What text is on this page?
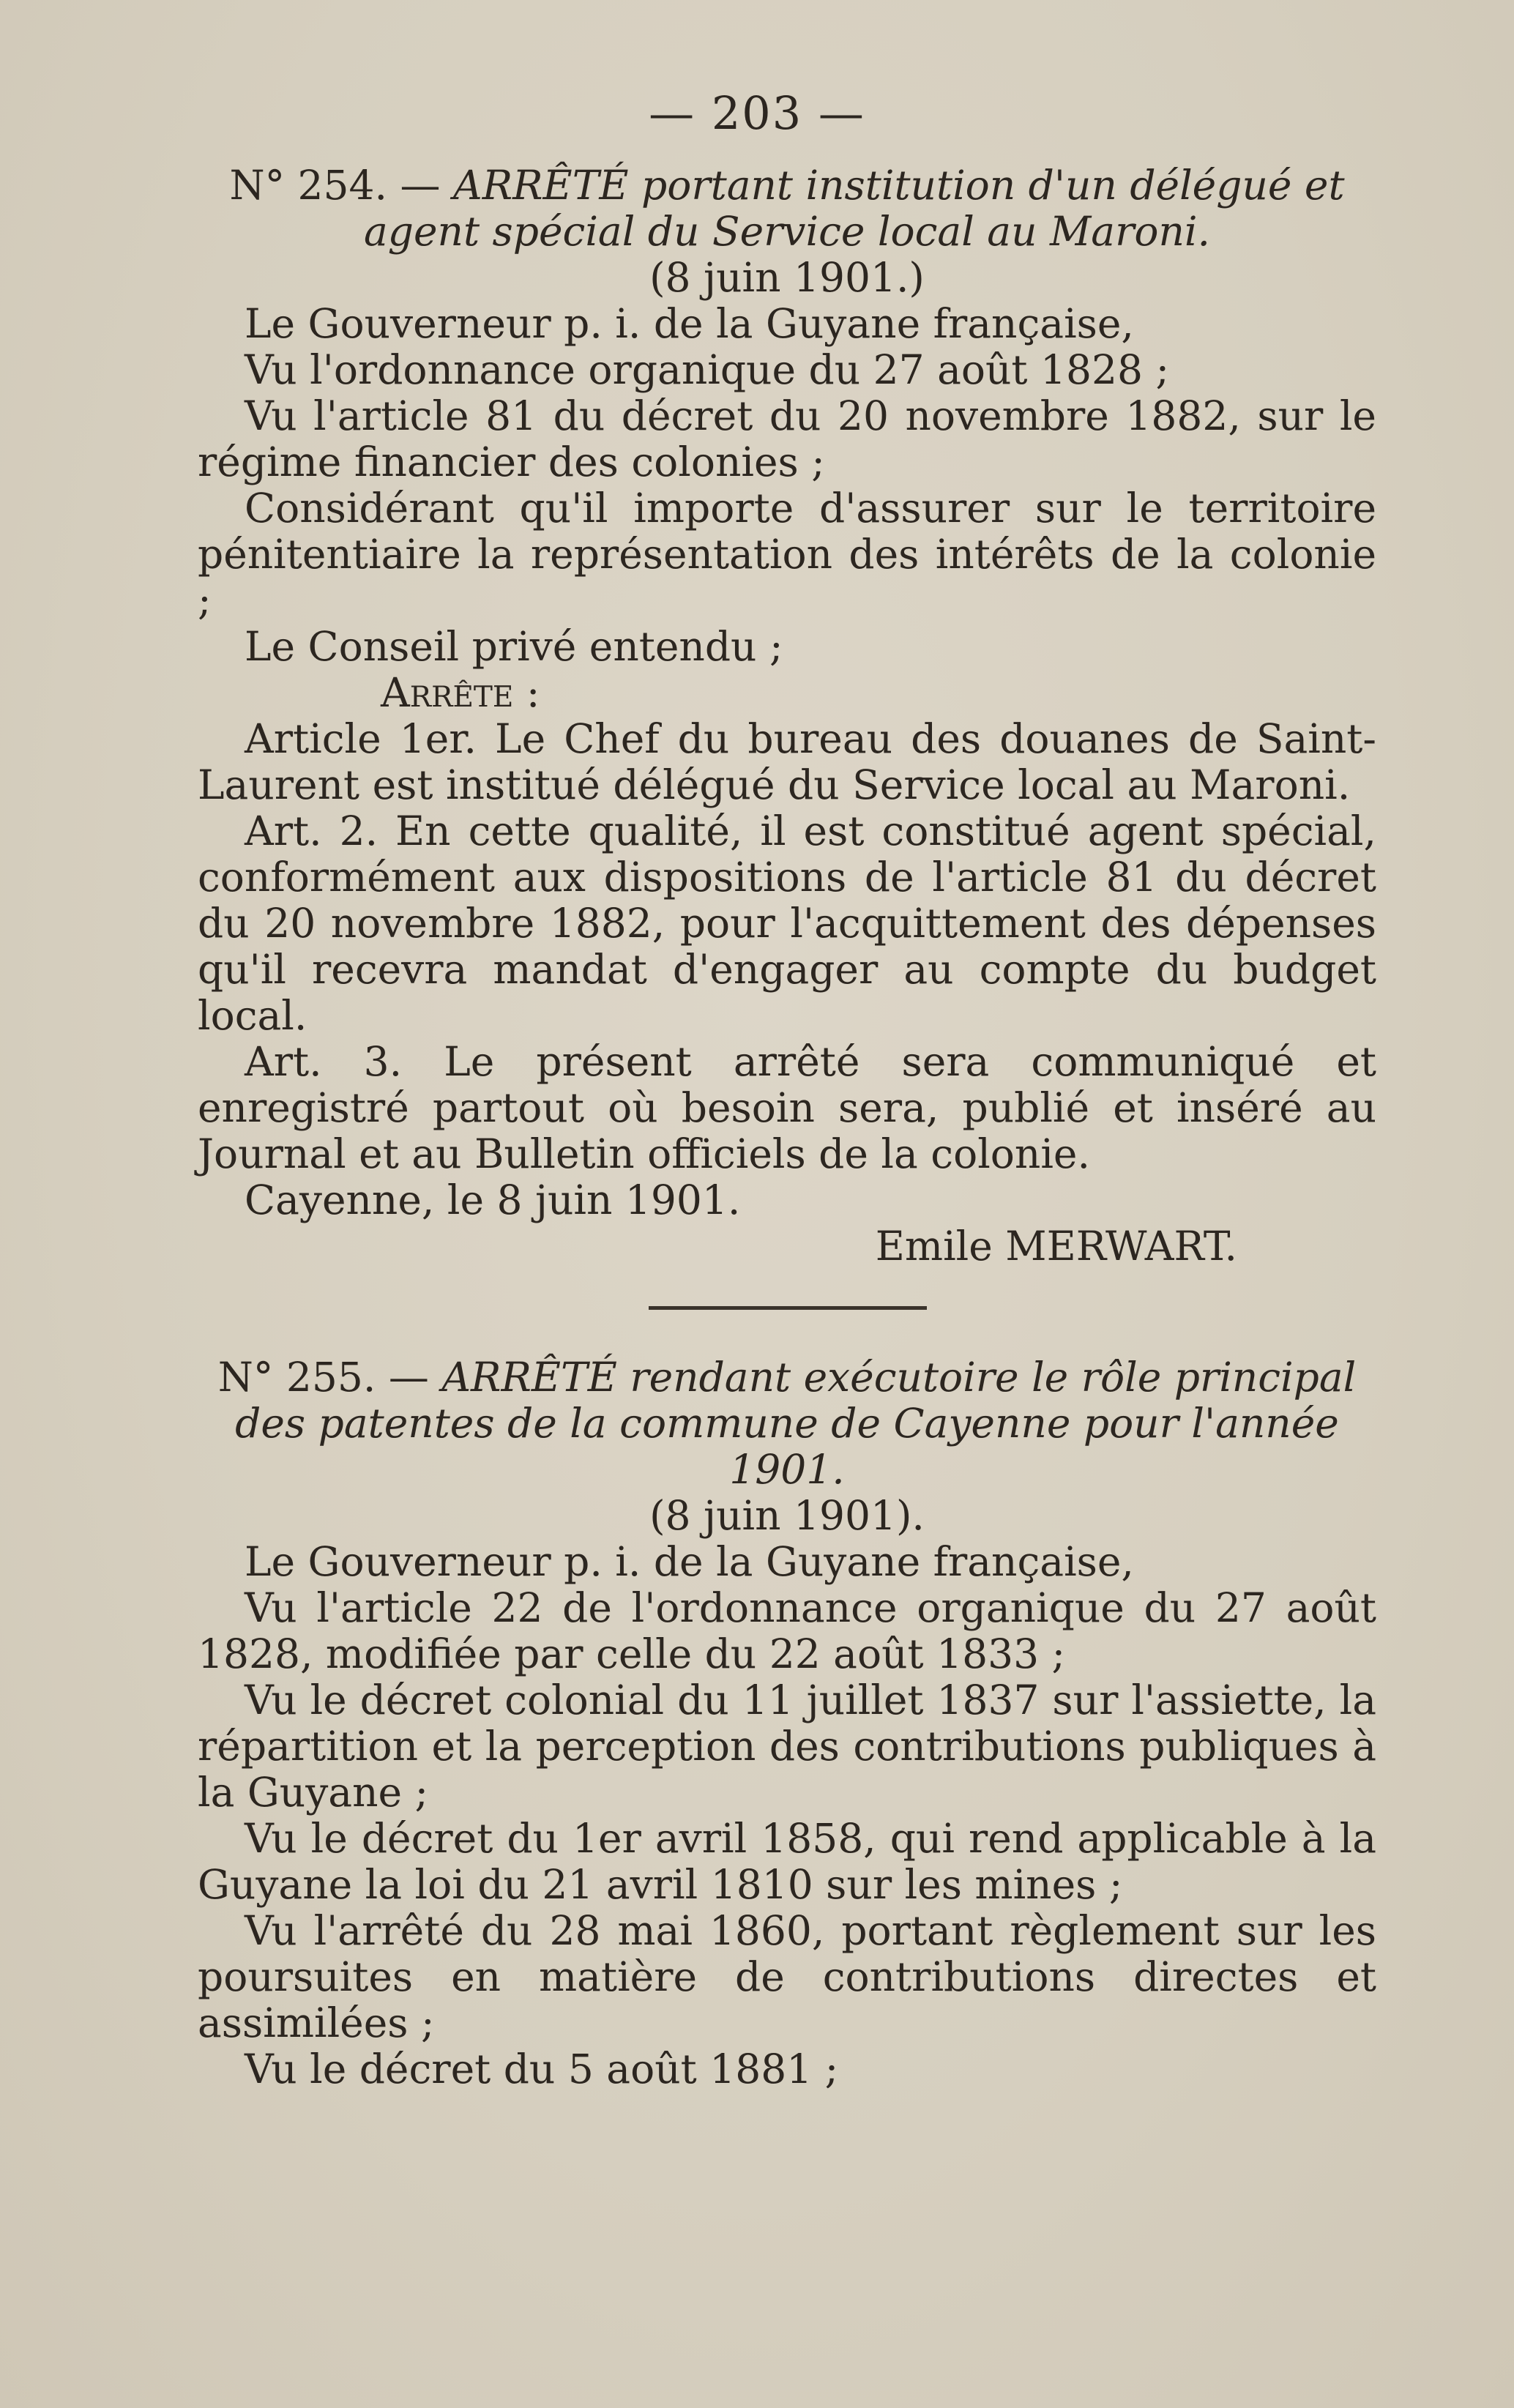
— 203 —

N° 254. — ARRÊTÉ portant institution d'un délégué et agent spécial du Service local au Maroni.

(8 juin 1901.)

Le Gouverneur p. i. de la Guyane française,

Vu l'ordonnance organique du 27 août 1828 ;

Vu l'article 81 du décret du 20 novembre 1882, sur le régime financier des colonies ;

Considérant qu'il importe d'assurer sur le territoire pénitentiaire la représentation des intérêts de la colonie ;

Le Conseil privé entendu ;

Arrête :

Article 1er. Le Chef du bureau des douanes de Saint-Laurent est institué délégué du Service local au Maroni.

Art. 2. En cette qualité, il est constitué agent spécial, conformément aux dispositions de l'article 81 du décret du 20 novembre 1882, pour l'acquittement des dépenses qu'il recevra mandat d'engager au compte du budget local.

Art. 3. Le présent arrêté sera communiqué et enregistré partout où besoin sera, publié et inséré au Journal et au Bulletin officiels de la colonie.

Cayenne, le 8 juin 1901.

Emile MERWART.

N° 255. — ARRÊTÉ rendant exécutoire le rôle principal des patentes de la commune de Cayenne pour l'année 1901.

(8 juin 1901).

Le Gouverneur p. i. de la Guyane française,

Vu l'article 22 de l'ordonnance organique du 27 août 1828, modifiée par celle du 22 août 1833 ;

Vu le décret colonial du 11 juillet 1837 sur l'assiette, la répartition et la perception des contributions publiques à la Guyane ;

Vu le décret du 1er avril 1858, qui rend applicable à la Guyane la loi du 21 avril 1810 sur les mines ;

Vu l'arrêté du 28 mai 1860, portant règlement sur les poursuites en matière de contributions directes et assimilées ;

Vu le décret du 5 août 1881 ;
